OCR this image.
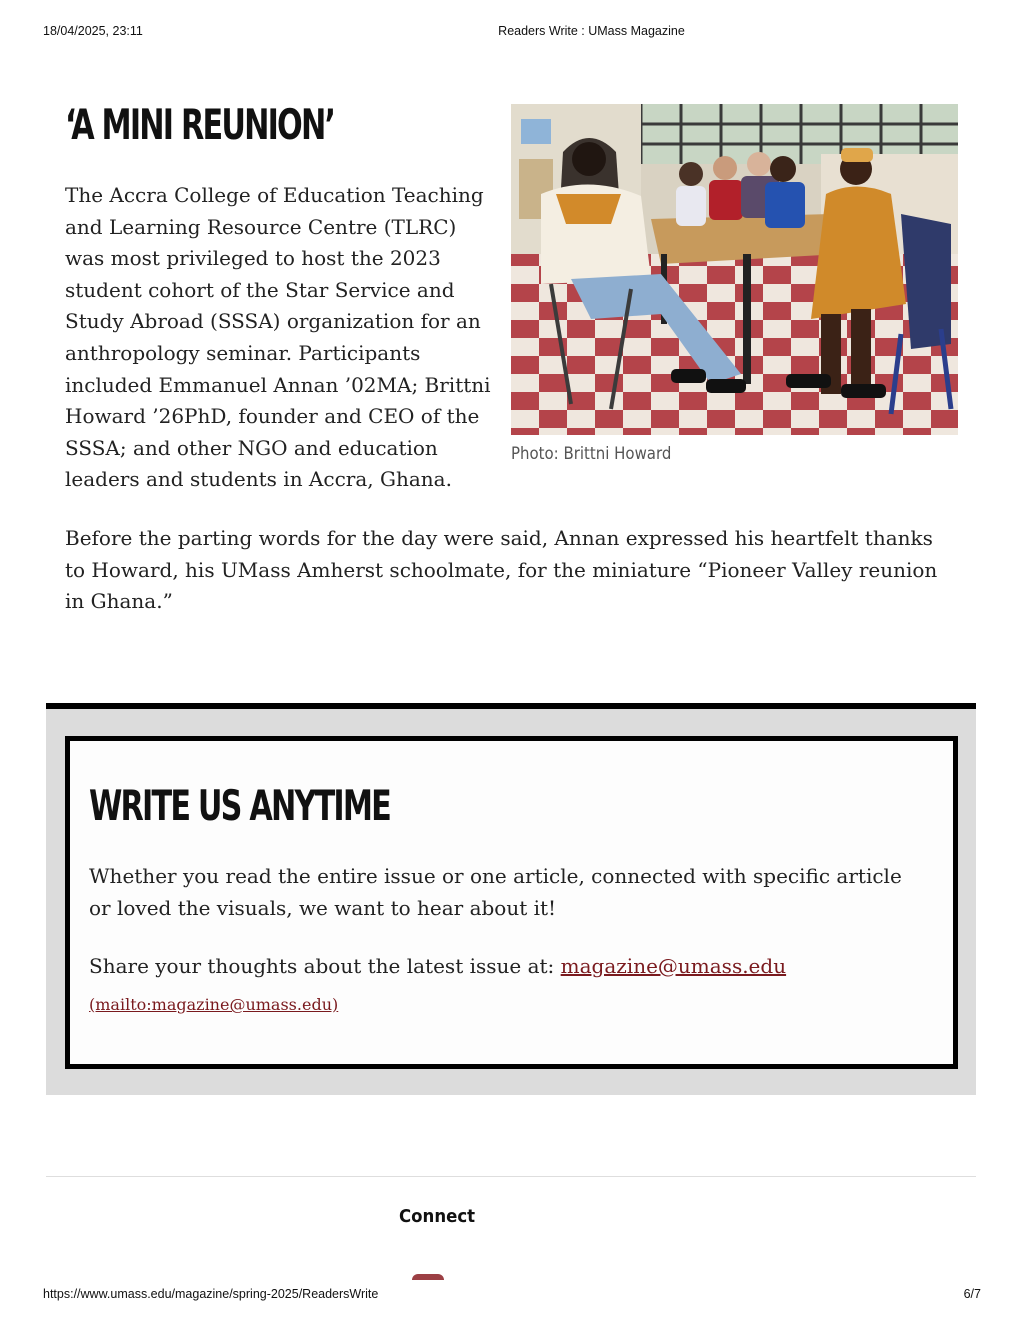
18/04/2025, 23:11	Readers Write : UMass Magazine
‘A MINI REUNION’

The Accra College of Education Teaching and Learning Resource Centre (TLRC) was most privileged to host the 2023 student cohort of the Star Service and Study Abroad (SSSA) organization for an anthropology seminar. Participants included Emmanuel Annan ’02MA; Brittni Howard ’26PhD, founder and CEO of the SSSA; and other NGO and education leaders and students in Accra, Ghana.

Photo: Brittni Howard

Before the parting words for the day were said, Annan expressed his heartfelt thanks to Howard, his UMass Amherst schoolmate, for the miniature “Pioneer Valley reunion in Ghana.”

WRITE US ANYTIME

Whether you read the entire issue or one article, connected with specific article or loved the visuals, we want to hear about it!

Share your thoughts about the latest issue at: magazine@umass.edu

(mailto:magazine@umass.edu)

Connect

https://www.umass.edu/magazine/spring-2025/ReadersWrite	6/7
